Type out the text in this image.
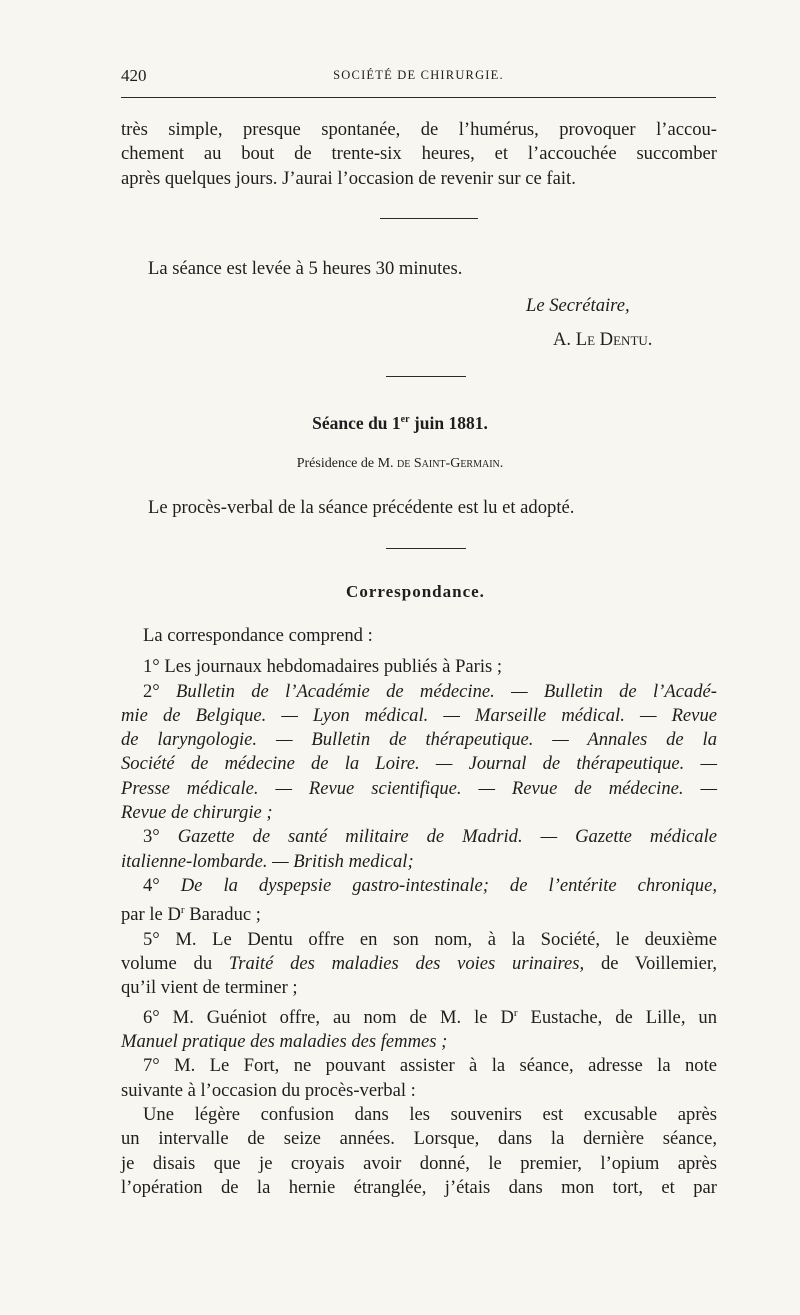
420	SOCIÉTÉ DE CHIRURGIE.

très simple, presque spontanée, de l’humérus, provoquer l’accou-
chement au bout de trente-six heures, et l’accouchée succomber
après quelques jours. J’aurai l’occasion de revenir sur ce fait.

La séance est levée à 5 heures 30 minutes.
Le Secrétaire,
A. Le Dentu.
Séance du 1er juin 1881.
Présidence de M. de Saint-Germain.
Le procès-verbal de la séance précédente est lu et adopté.
Correspondance.

La correspondance comprend :
1° Les journaux hebdomadaires publiés à Paris ;
2° Bulletin de l’Académie de médecine. — Bulletin de l’Acadé-
mie de Belgique. — Lyon médical. — Marseille médical. — Revue
de laryngologie. — Bulletin de thérapeutique. — Annales de la
Société de médecine de la Loire. — Journal de thérapeutique. —
Presse médicale. — Revue scientifique. — Revue de médecine. —
Revue de chirurgie ;
3° Gazette de santé militaire de Madrid. — Gazette médicale
italienne-lombarde. — British medical;
4° De la dyspepsie gastro-intestinale; de l’entérite chronique,
par le $D^r$ Baraduc ;
5° M. Le Dentu offre en son nom, à la Société, le deuxième
volume du Traité des maladies des voies urinaires, de Voillemier,
qu’il vient de terminer ;
6° M. Guéniot offre, au nom de M. le $D^r$ Eustache, de Lille, un
Manuel pratique des maladies des femmes ;
7° M. Le Fort, ne pouvant assister à la séance, adresse la note
suivante à l’occasion du procès-verbal :
Une légère confusion dans les souvenirs est excusable après
un intervalle de seize années. Lorsque, dans la dernière séance,
je disais que je croyais avoir donné, le premier, l’opium après
l’opération de la hernie étranglée, j’étais dans mon tort, et par
